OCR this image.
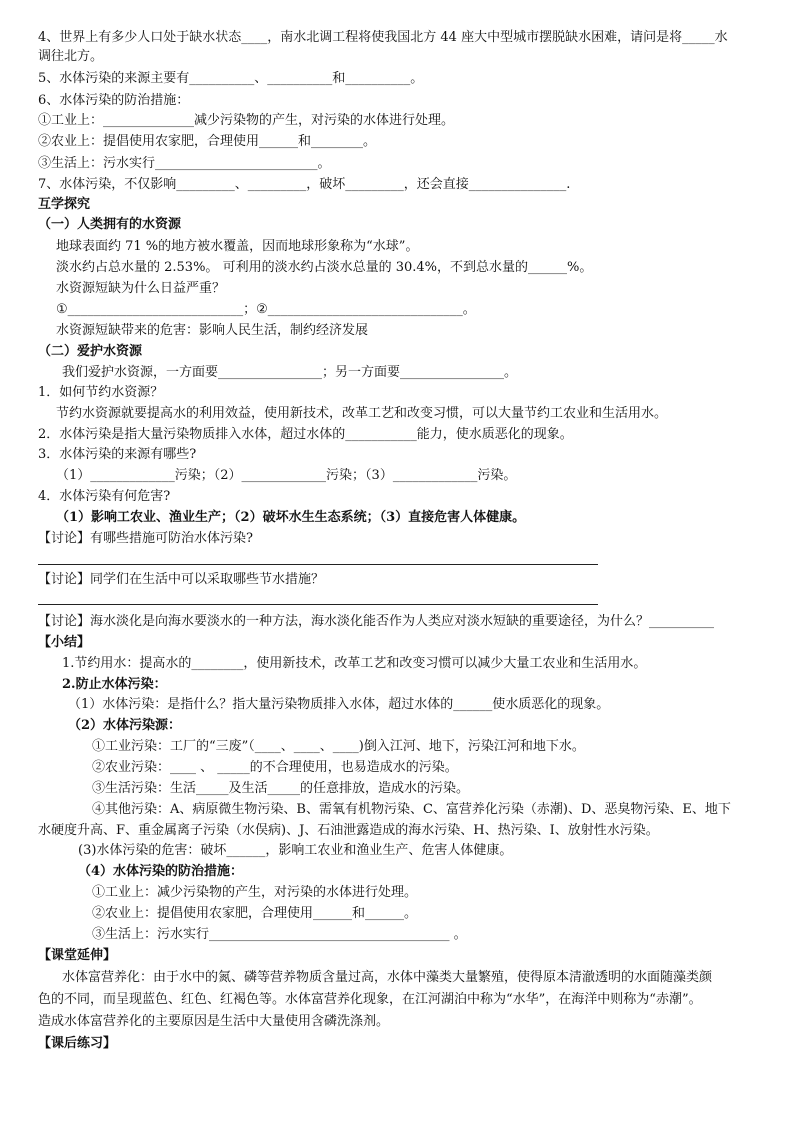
4、世界上有多少人口处于缺水状态____，南水北调工程将使我国北方 44 座大中型城市摆脱缺水困难，请问是将_____水
调往北方。
5、水体污染的来源主要有__________、__________和__________。
6、水体污染的防治措施：
①工业上：______________减少污染物的产生，对污染的水体进行处理。
②农业上：提倡使用农家肥，合理使用______和________。
③生活上：污水实行_________________________。
7、水体污染，不仅影响_________、_________，破坏_________，还会直接_______________.
互学探究
（一）人类拥有的水资源
地球表面约 71 %的地方被水覆盖，因而地球形象称为“水球”。
淡水约占总水量的 2.53%。 可利用的淡水约占淡水总量的 30.4%，不到总水量的______%。
水资源短缺为什么日益严重？
①___________________________；②______________________________。
水资源短缺带来的危害：影响人民生活，制约经济发展
（二）爱护水资源
我们爱护水资源，一方面要________________；另一方面要________________。
1．如何节约水资源？
节约水资源就要提高水的利用效益，使用新技术，改革工艺和改变习惯，可以大量节约工农业和生活用水。
2．水体污染是指大量污染物质排入水体，超过水体的___________能力，使水质恶化的现象。
3．水体污染的来源有哪些?
（1）_____________污染；（2）_____________污染；（3）_____________污染。
4．水体污染有何危害?
（1）影响工农业、渔业生产；（2）破坏水生生态系统；（3）直接危害人体健康。
【讨论】有哪些措施可防治水体污染?
【讨论】同学们在生活中可以采取哪些节水措施？
【讨论】海水淡化是向海水要淡水的一种方法，海水淡化能否作为人类应对淡水短缺的重要途径，为什么？__________
【小结】
1.节约用水：提高水的________，使用新技术，改革工艺和改变习惯可以减少大量工农业和生活用水。
2.防止水体污染：
（1）水体污染：是指什么？指大量污染物质排入水体，超过水体的______使水质恶化的现象。
（2）水体污染源：
①工业污染：工厂的“三废”（____、____、____)倒入江河、地下，污染江河和地下水。
②农业污染：____ 、 _____的不合理使用，也易造成水的污染。
③生活污染：生活_____及生活_____的任意排放，造成水的污染。
④其他污染：A、病原微生物污染、B、需氧有机物污染、C、富营养化污染（赤潮)、D、恶臭物污染、E、地下
水硬度升高、F、重金属离子污染（水俣病)、J、石油泄露造成的海水污染、H、热污染、I、放射性水污染。
(3)水体污染的危害：破坏______，影响工农业和渔业生产、危害人体健康。
（4）水体污染的防治措施：
①工业上：减少污染物的产生，对污染的水体进行处理。
②农业上：提倡使用农家肥，合理使用______和______。
③生活上：污水实行_____________________________________ 。
【课堂延伸】
水体富营养化：由于水中的氮、磷等营养物质含量过高，水体中藻类大量繁殖，使得原本清澈透明的水面随藻类颜
色的不同，而呈现蓝色、红色、红褐色等。水体富营养化现象，在江河湖泊中称为“水华”，在海洋中则称为“赤潮”。
造成水体富营养化的主要原因是生活中大量使用含磷洗涤剂。
【课后练习】
